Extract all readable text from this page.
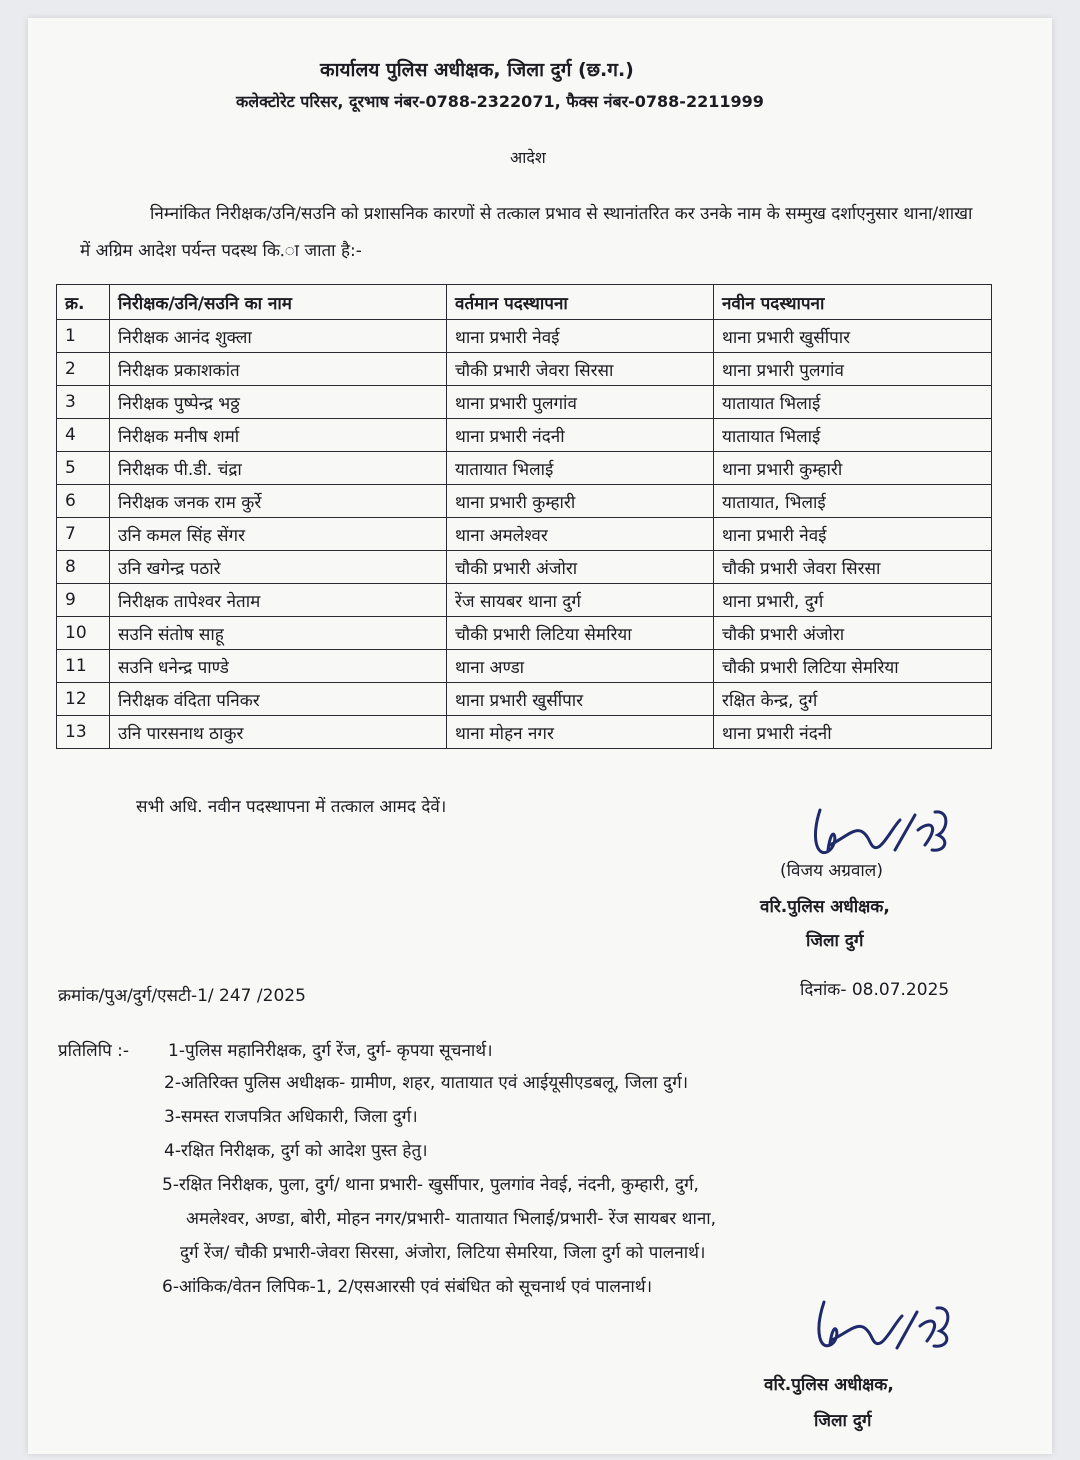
कार्यालय पुलिस अधीक्षक, जिला दुर्ग (छ.ग.)
कलेक्टोरेट परिसर, दूरभाष नंबर-0788-2322071, फैक्स नंबर-0788-2211999
आदेश
निम्नांकित निरीक्षक/उनि/सउनि को प्रशासनिक कारणों से तत्काल प्रभाव से स्थानांतरित कर उनके नाम के सम्मुख दर्शाएनुसार थाना/शाखा में अग्रिम आदेश पर्यन्त पदस्थ कि.ा जाता है:-
क्र.	निरीक्षक/उनि/सउनि का नाम	वर्तमान पदस्थापना	नवीन पदस्थापना
1	निरीक्षक आनंद शुक्ला	थाना प्रभारी नेवई	थाना प्रभारी खुर्सीपार
2	निरीक्षक प्रकाशकांत	चौकी प्रभारी जेवरा सिरसा	थाना प्रभारी पुलगांव
3	निरीक्षक पुष्पेन्द्र भठ्ठ	थाना प्रभारी पुलगांव	यातायात भिलाई
4	निरीक्षक मनीष शर्मा	थाना प्रभारी नंदनी	यातायात भिलाई
5	निरीक्षक पी.डी. चंद्रा	यातायात भिलाई	थाना प्रभारी कुम्हारी
6	निरीक्षक जनक राम कुर्रे	थाना प्रभारी कुम्हारी	यातायात, भिलाई
7	उनि कमल सिंह सेंगर	थाना अमलेश्वर	थाना प्रभारी नेवई
8	उनि खगेन्द्र पठारे	चौकी प्रभारी अंजोरा	चौकी प्रभारी जेवरा सिरसा
9	निरीक्षक तापेश्वर नेताम	रेंज सायबर थाना दुर्ग	थाना प्रभारी, दुर्ग
10	सउनि संतोष साहू	चौकी प्रभारी लिटिया सेमरिया	चौकी प्रभारी अंजोरा
11	सउनि धनेन्द्र पाण्डे	थाना अण्डा	चौकी प्रभारी लिटिया सेमरिया
12	निरीक्षक वंदिता पनिकर	थाना प्रभारी खुर्सीपार	रक्षित केन्द्र, दुर्ग
13	उनि पारसनाथ ठाकुर	थाना मोहन नगर	थाना प्रभारी नंदनी
सभी अधि. नवीन पदस्थापना में तत्काल आमद देवें।
(विजय अग्रवाल)
वरि.पुलिस अधीक्षक,
जिला दुर्ग
क्रमांक/पुअ/दुर्ग/एसटी-1/ 247 /2025	दिनांक- 08.07.2025
प्रतिलिपि :- 1-पुलिस महानिरीक्षक, दुर्ग रेंज, दुर्ग- कृपया सूचनार्थ।
2-अतिरिक्त पुलिस अधीक्षक- ग्रामीण, शहर, यातायात एवं आईयूसीएडबलू, जिला दुर्ग।
3-समस्त राजपत्रित अधिकारी, जिला दुर्ग।
4-रक्षित निरीक्षक, दुर्ग को आदेश पुस्त हेतु।
5-रक्षित निरीक्षक, पुला, दुर्ग/ थाना प्रभारी- खुर्सीपार, पुलगांव नेवई, नंदनी, कुम्हारी, दुर्ग,
अमलेश्वर, अण्डा, बोरी, मोहन नगर/प्रभारी- यातायात भिलाई/प्रभारी- रेंज सायबर थाना,
दुर्ग रेंज/ चौकी प्रभारी-जेवरा सिरसा, अंजोरा, लिटिया सेमरिया, जिला दुर्ग को पालनार्थ।
6-आंकिक/वेतन लिपिक-1, 2/एसआरसी एवं संबंधित को सूचनार्थ एवं पालनार्थ।
वरि.पुलिस अधीक्षक,
जिला दुर्ग
